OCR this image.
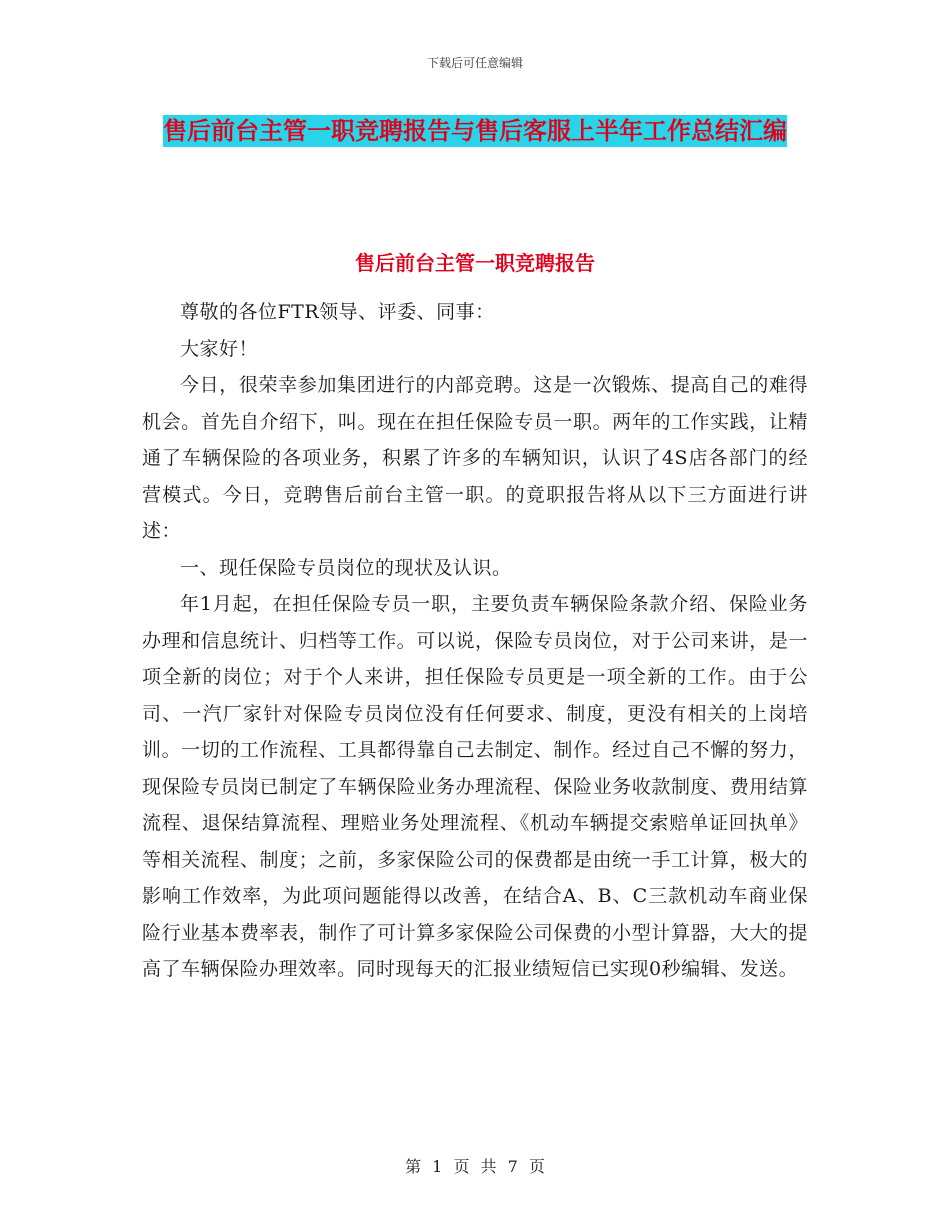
下载后可任意编辑
售后前台主管一职竞聘报告与售后客服上半年工作总结汇编
售后前台主管一职竞聘报告

尊敬的各位FTR领导、评委、同事：

大家好！

今日，很荣幸参加集团进行的内部竞聘。这是一次锻炼、提高自己的难得机会。首先自介绍下，叫。现在在担任保险专员一职。两年的工作实践，让精通了车辆保险的各项业务，积累了许多的车辆知识，认识了4S店各部门的经营模式。今日，竞聘售后前台主管一职。的竟职报告将从以下三方面进行讲述：

一、现任保险专员岗位的现状及认识。

年1月起，在担任保险专员一职，主要负责车辆保险条款介绍、保险业务办理和信息统计、归档等工作。可以说，保险专员岗位，对于公司来讲，是一项全新的岗位；对于个人来讲，担任保险专员更是一项全新的工作。由于公司、一汽厂家针对保险专员岗位没有任何要求、制度，更没有相关的上岗培训。一切的工作流程、工具都得靠自己去制定、制作。经过自己不懈的努力，现保险专员岗已制定了车辆保险业务办理流程、保险业务收款制度、费用结算流程、退保结算流程、理赔业务处理流程、《机动车辆提交索赔单证回执单》等相关流程、制度；之前，多家保险公司的保费都是由统一手工计算，极大的影响工作效率，为此项问题能得以改善，在结合A、B、C三款机动车商业保险行业基本费率表，制作了可计算多家保险公司保费的小型计算器，大大的提高了车辆保险办理效率。同时现每天的汇报业绩短信已实现0秒编辑、发送。

第 1 页 共 7 页
